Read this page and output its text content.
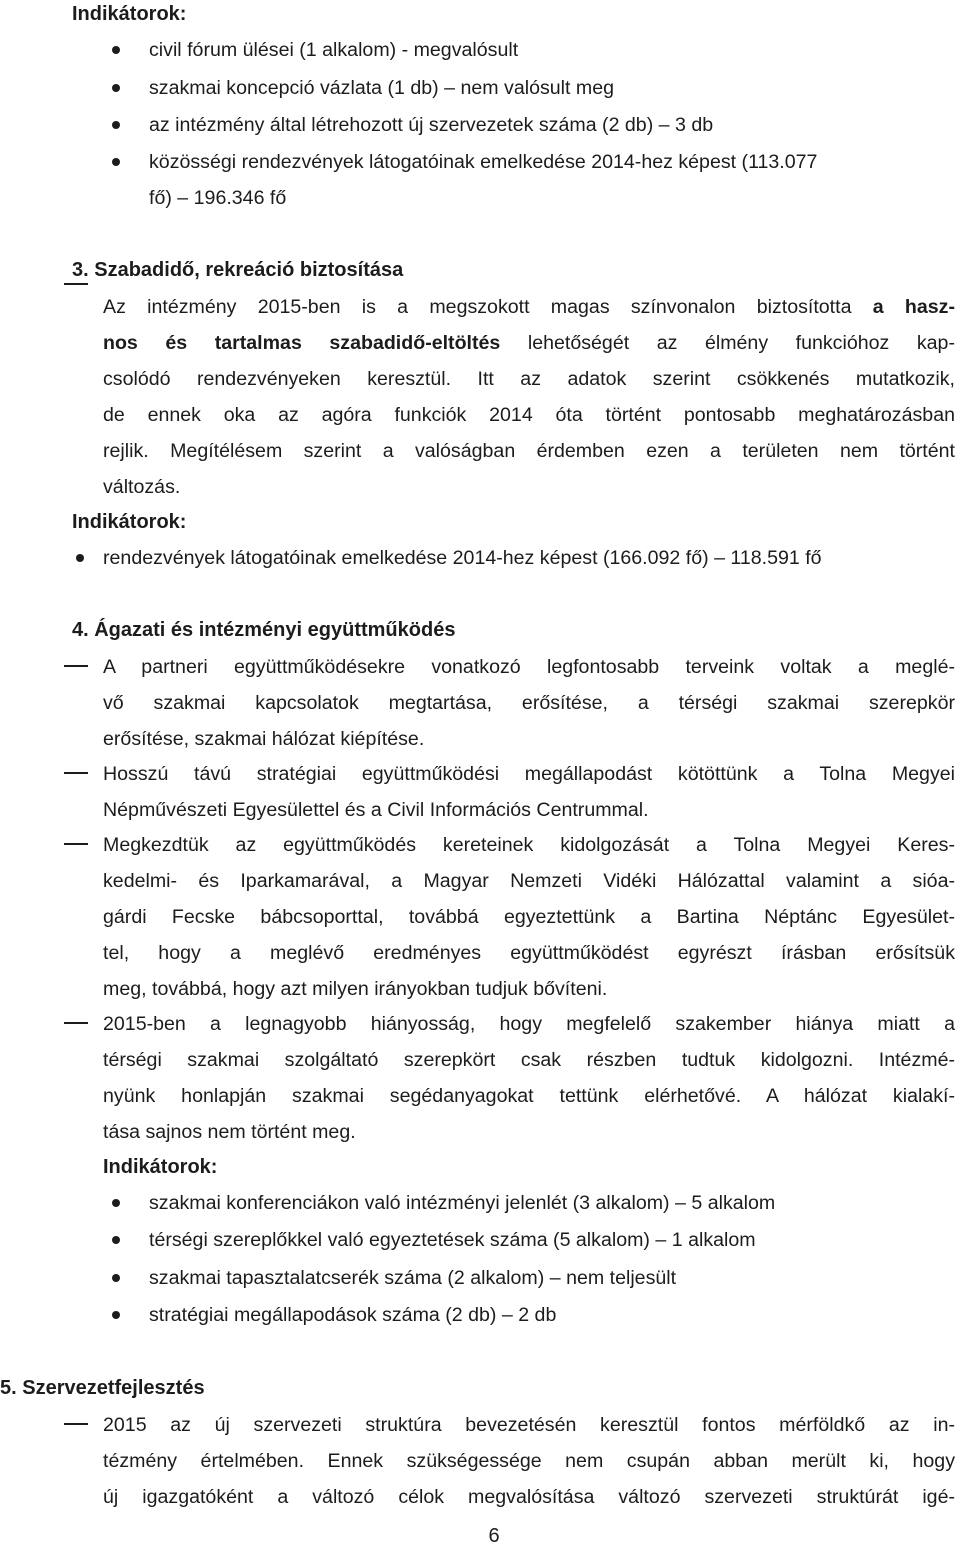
Indikátorok:
civil fórum ülései (1 alkalom) - megvalósult
szakmai koncepció vázlata (1 db) – nem valósult meg
az intézmény által létrehozott új szervezetek száma (2 db) – 3 db
közösségi rendezvények látogatóinak emelkedése 2014-hez képest (113.077
fő) – 196.346 fő
3. Szabadidő, rekreáció biztosítása
Az intézmény 2015-ben is a megszokott magas színvonalon biztosította a hasz-
nos és tartalmas szabadidő-eltöltés lehetőségét az élmény funkcióhoz kap-
csolódó rendezvényeken keresztül. Itt az adatok szerint csökkenés mutatkozik,
de ennek oka az agóra funkciók 2014 óta történt pontosabb meghatározásban
rejlik. Megítélésem szerint a valóságban érdemben ezen a területen nem történt
változás.
Indikátorok:
rendezvények látogatóinak emelkedése 2014-hez képest (166.092 fő) – 118.591 fő
4. Ágazati és intézményi együttműködés
A partneri együttműködésekre vonatkozó legfontosabb terveink voltak a meglé-
vő szakmai kapcsolatok megtartása, erősítése, a térségi szakmai szerepkör
erősítése, szakmai hálózat kiépítése.
Hosszú távú stratégiai együttműködési megállapodást kötöttünk a Tolna Megyei
Népművészeti Egyesülettel és a Civil Információs Centrummal.
Megkezdtük az együttműködés kereteinek kidolgozását a Tolna Megyei Keres-
kedelmi- és Iparkamarával, a Magyar Nemzeti Vidéki Hálózattal valamint a sióa-
gárdi Fecske bábcsoporttal, továbbá egyeztettünk a Bartina Néptánc Egyesület-
tel, hogy a meglévő eredményes együttműködést egyrészt írásban erősítsük
meg, továbbá, hogy azt milyen irányokban tudjuk bővíteni.
2015-ben a legnagyobb hiányosság, hogy megfelelő szakember hiánya miatt a
térségi szakmai szolgáltató szerepkört csak részben tudtuk kidolgozni. Intézmé-
nyünk honlapján szakmai segédanyagokat tettünk elérhetővé. A hálózat kialakí-
tása sajnos nem történt meg.
Indikátorok:
szakmai konferenciákon való intézményi jelenlét (3 alkalom) – 5 alkalom
térségi szereplőkkel való egyeztetések száma (5 alkalom) – 1 alkalom
szakmai tapasztalatcserék száma (2 alkalom) – nem teljesült
stratégiai megállapodások száma (2 db) – 2 db
5. Szervezetfejlesztés
2015 az új szervezeti struktúra bevezetésén keresztül fontos mérföldkő az in-
tézmény értelmében. Ennek szükségessége nem csupán abban merült ki, hogy
új igazgatóként a változó célok megvalósítása változó szervezeti struktúrát igé-
6
